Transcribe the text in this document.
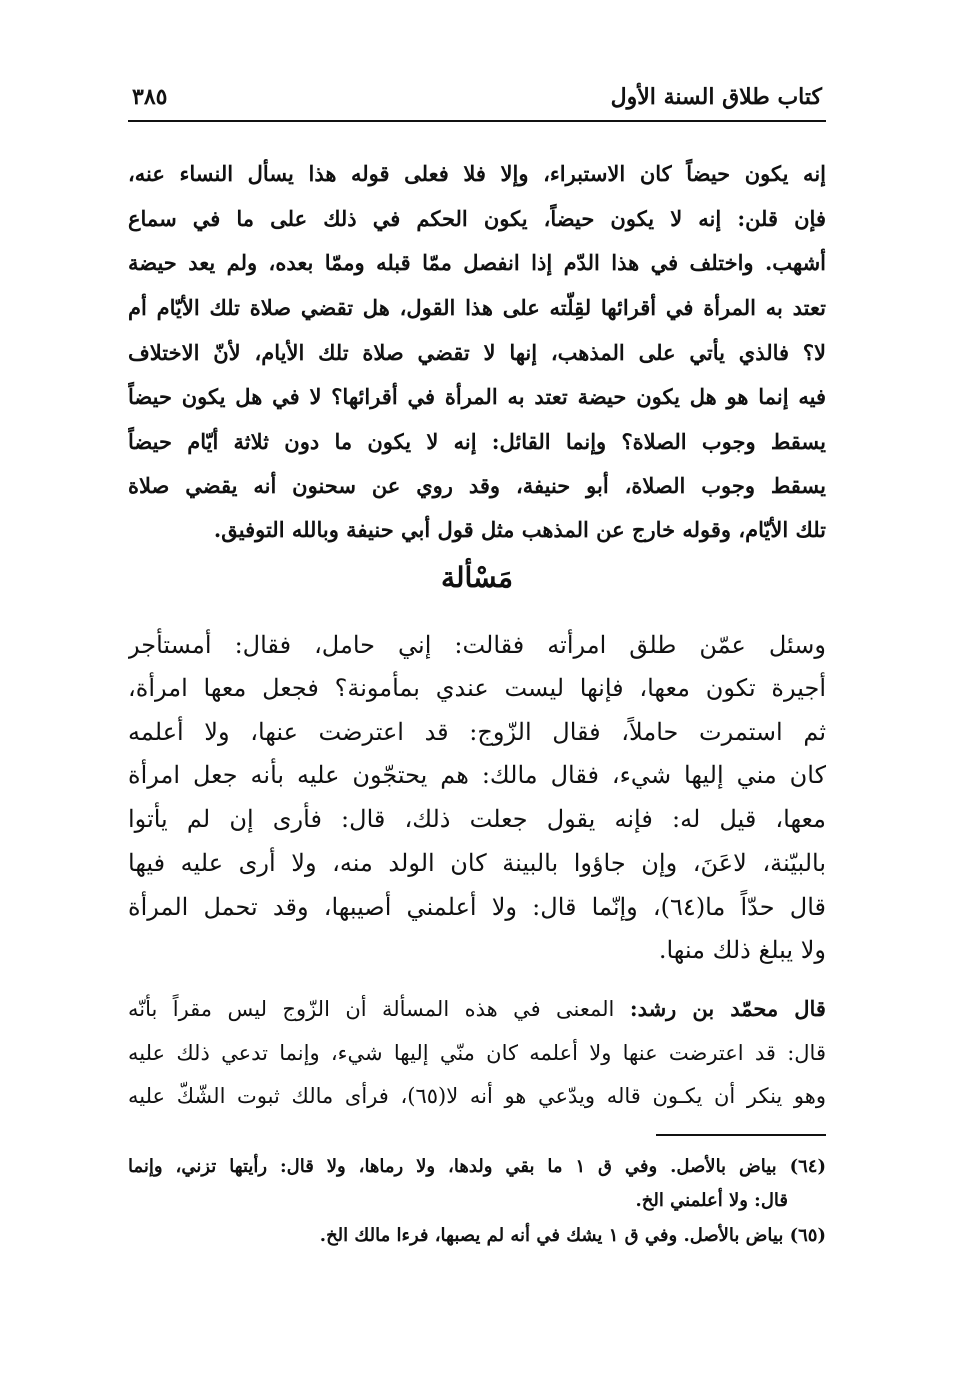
كتاب طلاق السنة الأول
٣٨٥
إنه يكون حيضاً كان الاستبراء، وإلا فلا فعلى قوله هذا يسأل النساء عنه،
فإن قلن: إنه لا يكون حيضاً، يكون الحكم في ذلك على ما في سماع
أشهب. واختلف في هذا الدّم إذا انفصل ممّا قبله وممّا بعده، ولم يعد حيضة
تعتد به المرأة في أقرائها لقِلّته على هذا القول، هل تقضي صلاة تلك الأيّام أم
لا؟ فالذي يأتي على المذهب، إنها لا تقضي صلاة تلك الأيام، لأنّ الاختلاف
فيه إنما هو هل يكون حيضة تعتد به المرأة في أقرائها؟ لا في هل يكون حيضاً
يسقط وجوب الصلاة؟ وإنما القائل: إنه لا يكون ما دون ثلاثة أيّام حيضاً
يسقط وجوب الصلاة، أبو حنيفة، وقد روي عن سحنون أنه يقضي صلاة
تلك الأيّام، وقوله خارج عن المذهب مثل قول أبي حنيفة وبالله التوفيق.
مَسْألة
وسئل عمّن طلق امرأته فقالت: إني حامل، فقال: أمستأجر
أجيرة تكون معها، فإنها ليست عندي بمأمونة؟ فجعل معها امرأة،
ثم استمرت حاملاً، فقال الزّوج: قد اعترضت عنها، ولا أعلمه
كان مني إليها شيء، فقال مالك: هم يحتجّون عليه بأنه جعل امرأة
معها، قيل له: فإنه يقول جعلت ذلك، قال: فأرى إن لم يأتوا
بالبيّنة، لاعَنَ، وإن جاؤوا بالبينة كان الولد منه، ولا أرى عليه فيها
قال حدّاً ما(٦٤)، وإنّما قال: ولا أعلمني أصيبها، وقد تحمل المرأة
ولا يبلغ ذلك منها.
قال محمّد بن رشد: المعنى في هذه المسألة أن الزّوج ليس مقراً بأنّه
قال: قد اعترضت عنها ولا أعلمه كان منّي إليها شيء، وإنما تدعي ذلك عليه
وهو ينكر أن يكـون قاله ويدّعي هو أنه لا(٦٥)، فرأى مالك ثبوت الشّكّ عليه
(٦٤) بياض بالأصل. وفي ق ١ ما بقي ولدها، ولا رماها، ولا قال: رأيتها تزني، وإنما
قال: ولا أعلمني الخ.
(٦٥) بياض بالأصل. وفي ق ١ يشك في أنه لم يصبها، فرءا مالك الخ.
